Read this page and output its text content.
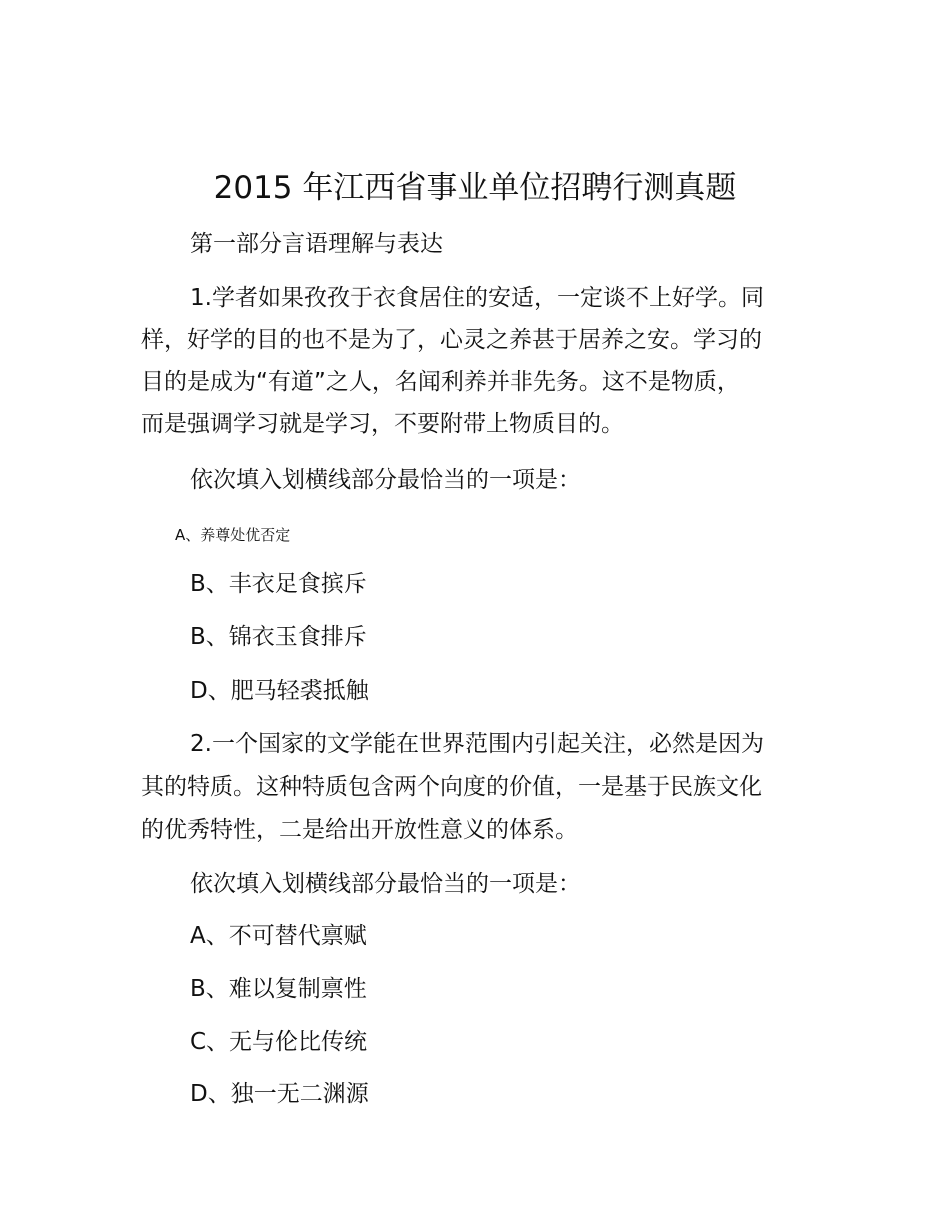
2015 年江西省事业单位招聘行测真题

第一部分言语理解与表达

1.学者如果孜孜于衣食居住的安适，一定谈不上好学。同

样，好学的目的也不是为了，心灵之养甚于居养之安。学习的

目的是成为“有道”之人，名闻利养并非先务。这不是物质，

而是强调学习就是学习，不要附带上物质目的。

依次填入划横线部分最恰当的一项是：

A、养尊处优否定

B、丰衣足食摈斥

B、锦衣玉食排斥

D、肥马轻裘抵触

2.一个国家的文学能在世界范围内引起关注，必然是因为

其的特质。这种特质包含两个向度的价值，一是基于民族文化

的优秀特性，二是给出开放性意义的体系。

依次填入划横线部分最恰当的一项是：

A、不可替代禀赋

B、难以复制禀性

C、无与伦比传统

D、独一无二渊源
